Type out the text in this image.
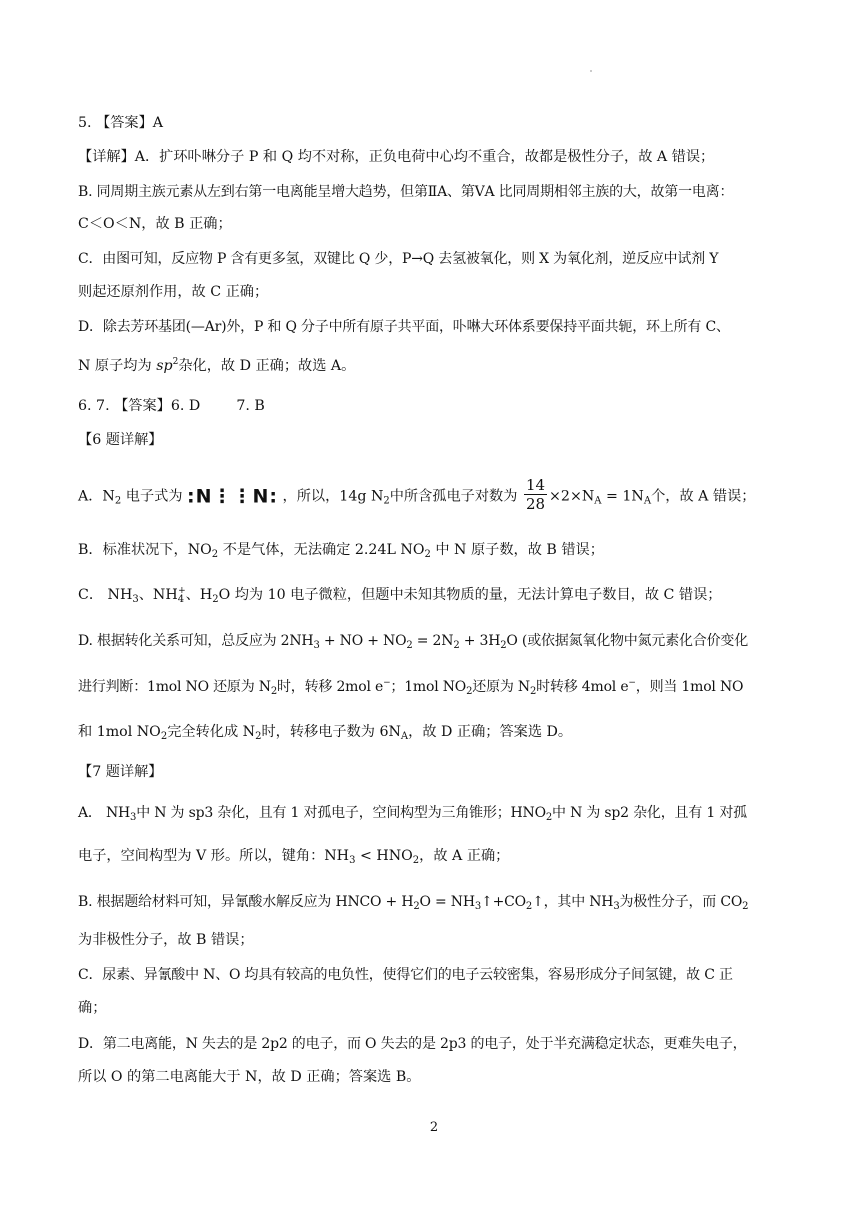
5. 【答案】A
【详解】A．扩环卟啉分子 P 和 Q 均不对称，正负电荷中心均不重合，故都是极性分子，故 A 错误；
B. 同周期主族元素从左到右第一电离能呈增大趋势，但第ⅡA、第ⅤA 比同周期相邻主族的大，故第一电离：
C＜O＜N，故 B 正确；
C．由图可知，反应物 P 含有更多氢，双键比 Q 少，P→Q 去氢被氧化，则 X 为氧化剂，逆反应中试剂 Y
则起还原剂作用，故 C 正确；
D．除去芳环基团(—Ar)外，P 和 Q 分子中所有原子共平面，卟啉大环体系要保持平面共轭，环上所有 C、
N 原子均为 $sp^2$杂化，故 D 正确；故选 A。
6. 7. 【答案】6. D        7. B
【6 题详解】
A．$N_2$ 电子式为 :N⋮⋮N: ，所以，14g $N_2$中所含孤电子对数为 $\frac{14}{28} \times 2\times N_A = 1N_A$个，故 A 错误；
B．标准状况下，$NO_2$ 不是气体，无法确定 2.24L $NO_2$ 中 N 原子数，故 B 错误；
C． $NH_3$、$NH_4^+$、$H_2O$ 均为 10 电子微粒，但题中未知其物质的量，无法计算电子数目，故 C 错误；
D. 根据转化关系可知，总反应为 $2NH_3$ + NO + $NO_2 = 2N_2 + 3H_2O$ (或依据氮氧化物中氮元素化合价变化
进行判断：1mol NO 还原为 $N_2$时，转移 2mol e−；1mol $NO_2$还原为 $N_2$时转移 4mol e−，则当 1mol NO
和 1mol $NO_2$完全转化成 $N_2$时，转移电子数为 $6N_A$，故 D 正确；答案选 D。
【7 题详解】
A． $NH_3$中 N 为 sp3 杂化，且有 1 对孤电子，空间构型为三角锥形；$HNO_2$中 N 为 sp2 杂化，且有 1 对孤
电子，空间构型为 V 形。所以，键角：$NH_3 < HNO_2$，故 A 正确；
B. 根据题给材料可知，异氰酸水解反应为 HNCO + $H_2O$ = $NH_3↑+CO_2↑$，其中 $NH_3$为极性分子，而 $CO_2$
为非极性分子，故 B 错误；
C．尿素、异氰酸中 N、O 均具有较高的电负性，使得它们的电子云较密集，容易形成分子间氢键，故 C 正
确；
D．第二电离能，N 失去的是 2p2 的电子，而 O 失去的是 2p3 的电子，处于半充满稳定状态，更难失电子，
所以 O 的第二电离能大于 N，故 D 正确；答案选 B。
2
